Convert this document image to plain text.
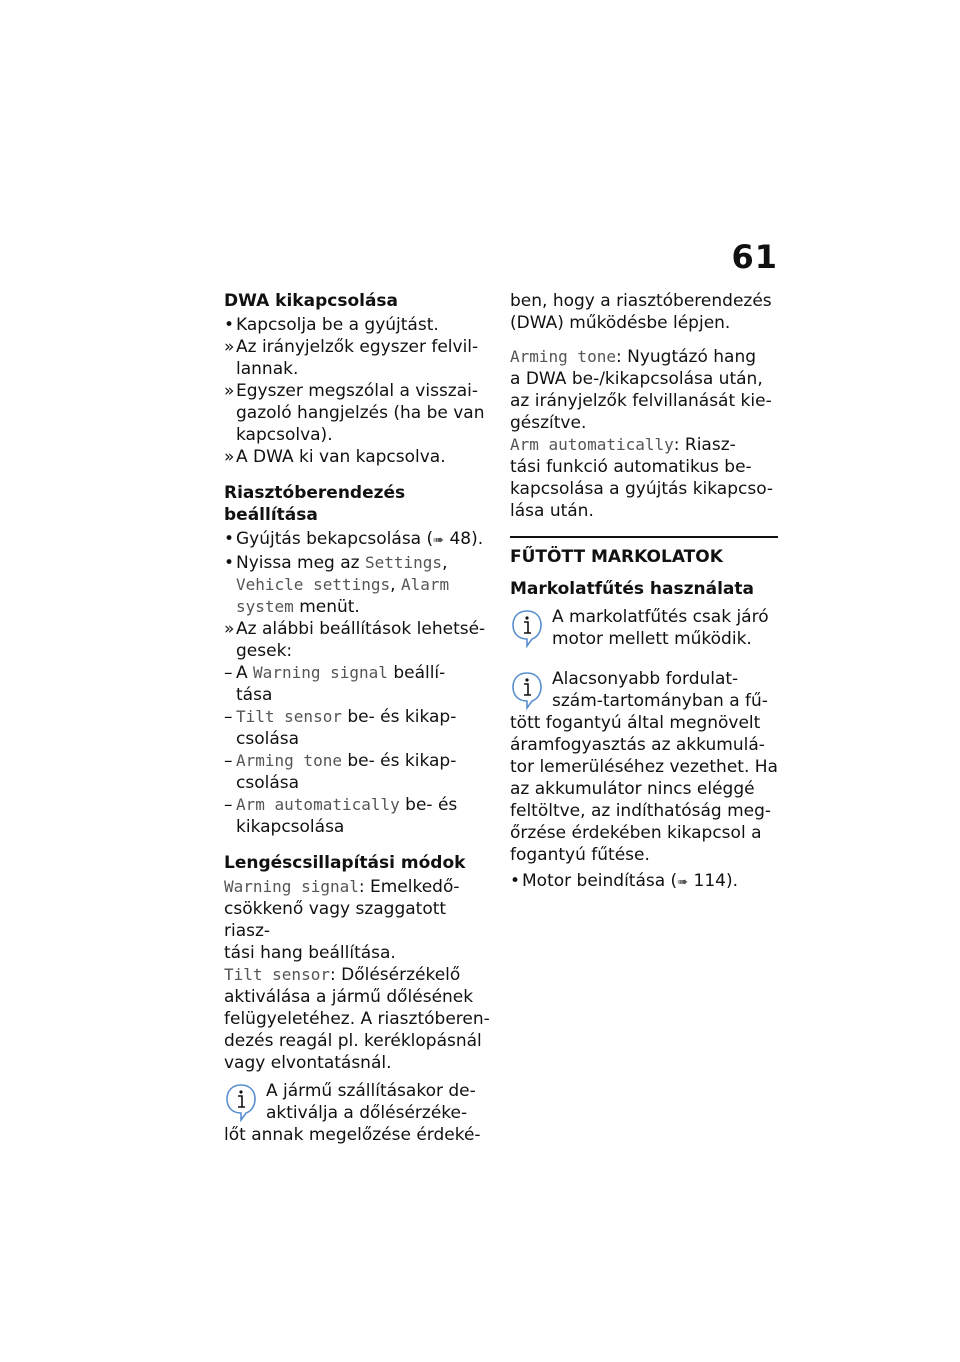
61
DWA kikapcsolása
• Kapcsolja be a gyújtást.
» Az irányjelzők egyszer felvil-
lannak.
» Egyszer megszólal a visszai-
gazoló hangjelzés (ha be van
kapcsolva).
» A DWA ki van kapcsolva.
Riasztóberendezés beállítása
• Gyújtás bekapcsolása (➠ 48).
• Nyissa meg az Settings,
Vehicle settings, Alarm
system menüt.
» Az alábbi beállítások lehetsé-
gesek:
– A Warning signal beállí-
tása
– Tilt sensor be- és kikap-
csolása
– Arming tone be- és kikap-
csolása
– Arm automatically be- és
kikapcsolása
Lengéscsillapítási módok
Warning signal: Emelkedő-
csökkenő vagy szaggatott riasz-
tási hang beállítása.
Tilt sensor: Dőlésérzékelő
aktiválása a jármű dőlésének
felügyeletéhez. A riasztóberen-
dezés reagál pl. keréklopásnál
vagy elvontatásnál.
A jármű szállításakor de-
aktiválja a dőlésérzéke-
lőt annak megelőzése érdeké-
ben, hogy a riasztóberendezés
(DWA) működésbe lépjen.
Arming tone: Nyugtázó hang
a DWA be-/kikapcsolása után,
az irányjelzők felvillanását kie-
gészítve.
Arm automatically: Riasz-
tási funkció automatikus be-
kapcsolása a gyújtás kikapcso-
lása után.
FŰTÖTT MARKOLATOK
Markolatfűtés használata
A markolatfűtés csak járó
motor mellett működik.
Alacsonyabb fordulat-
szám-tartományban a fű-
tött fogantyú által megnövelt
áramfogyasztás az akkumulá-
tor lemerüléséhez vezethet. Ha
az akkumulátor nincs eléggé
feltöltve, az indíthatóság meg-
őrzése érdekében kikapcsol a
fogantyú fűtése.
• Motor beindítása (➠ 114).
